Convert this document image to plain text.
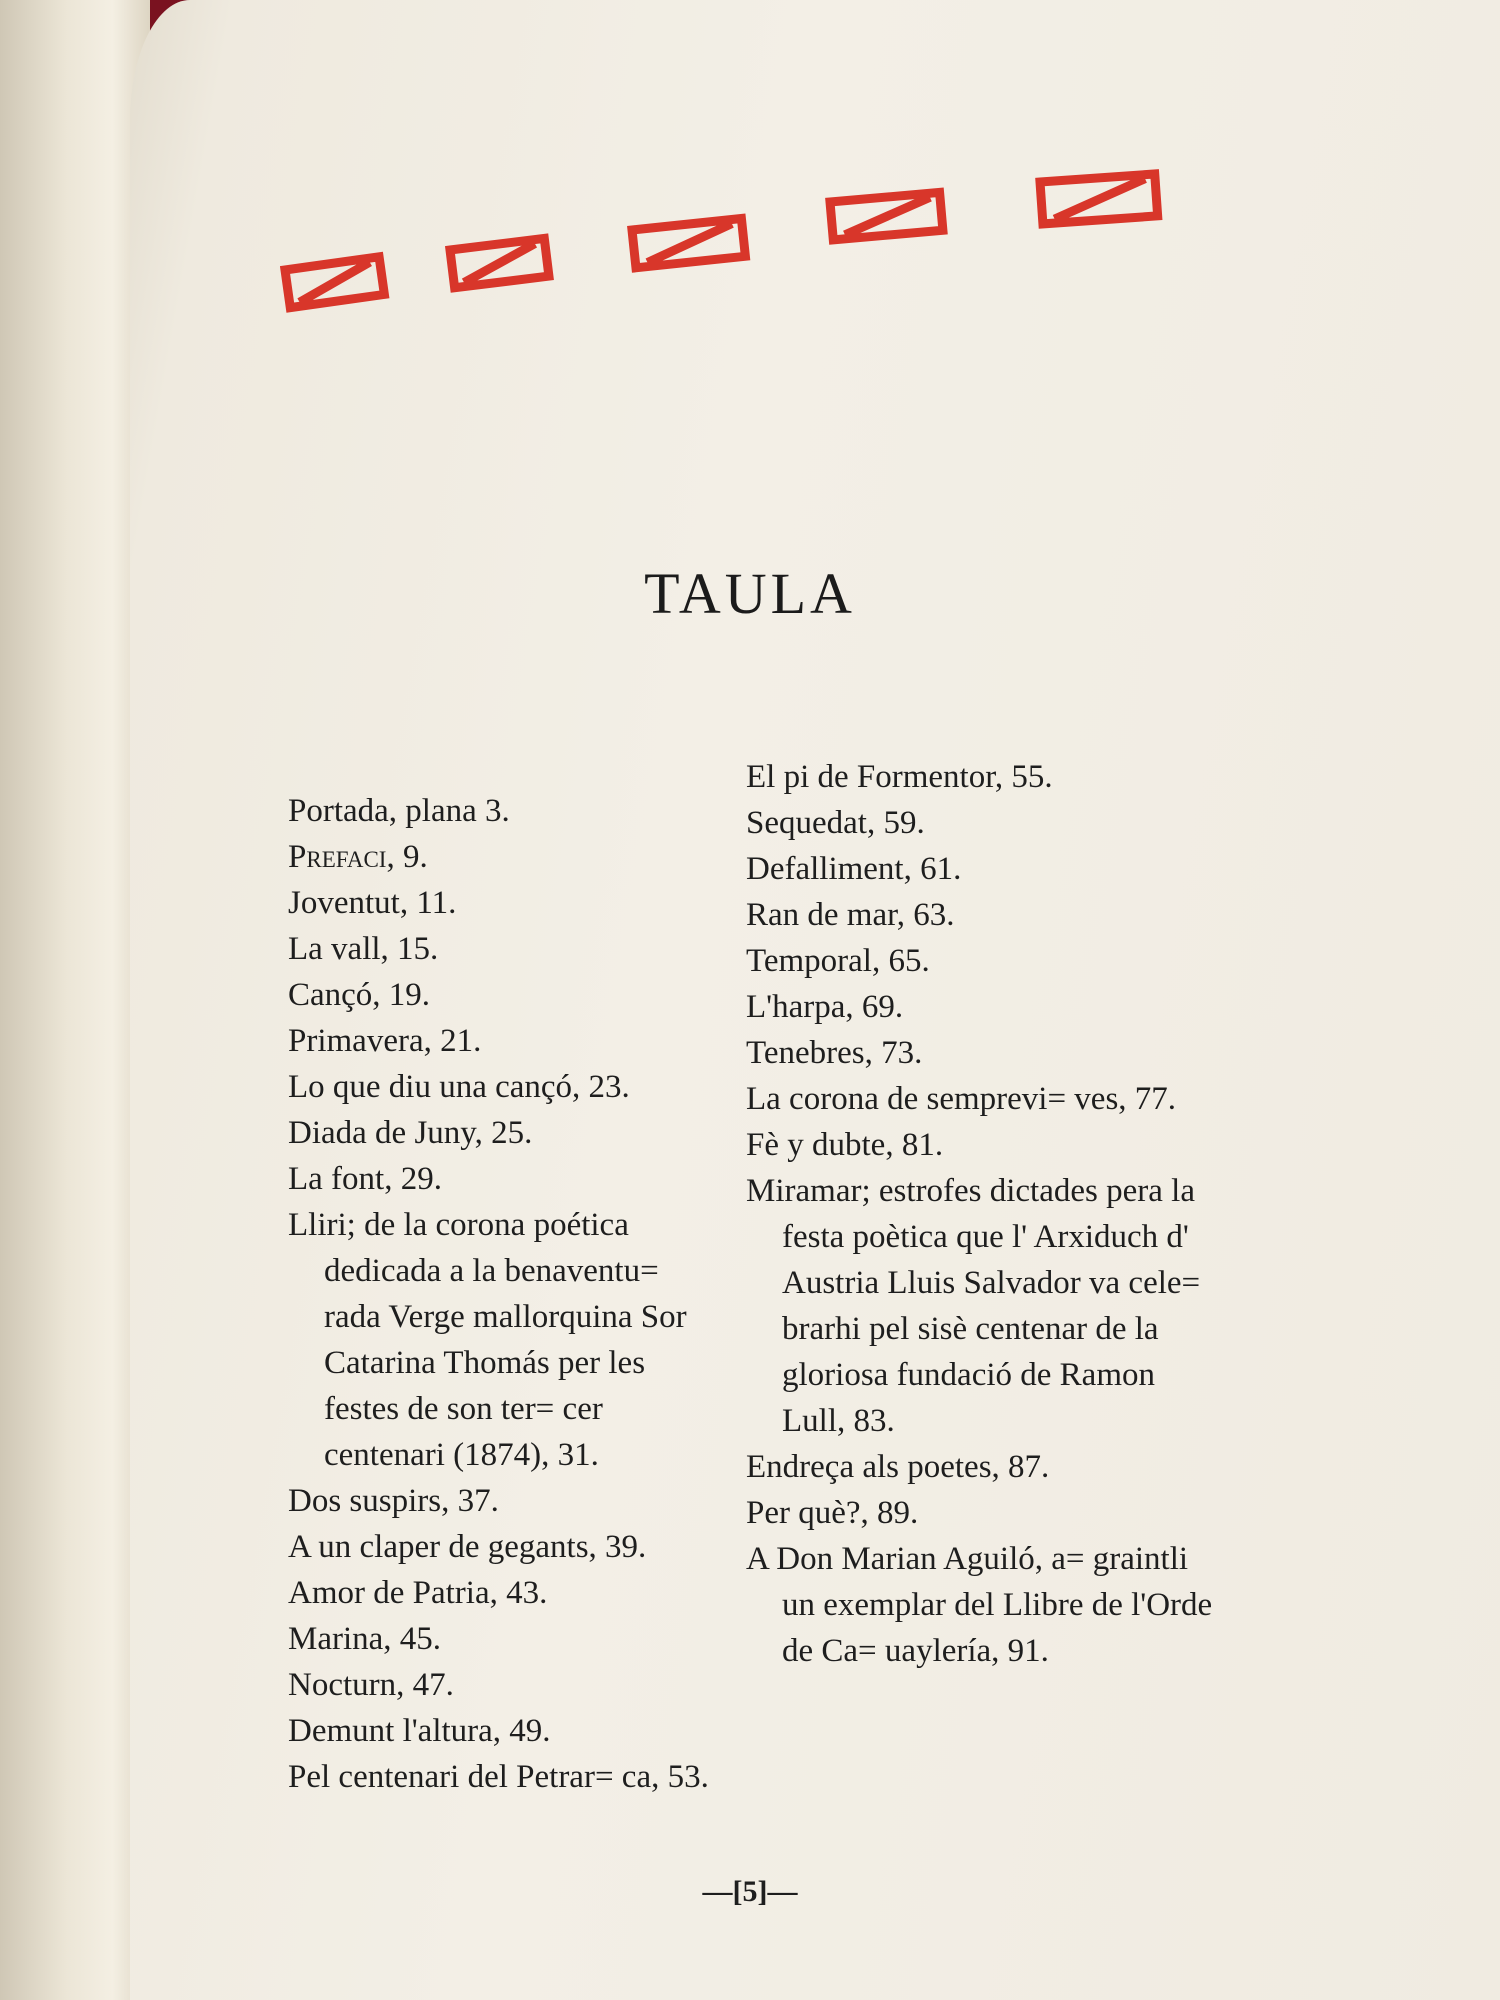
TAULA

Portada, plana 3.

Prefaci, 9.

Joventut, 11.

La vall, 15.

Cançó, 19.

Primavera, 21.

Lo que diu una cançó, 23.

Diada de Juny, 25.

La font, 29.

Lliri; de la corona poética dedicada a la benaventu= rada Verge mallorquina Sor Catarina Thomás per les festes de son ter= cer centenari (1874), 31.

Dos suspirs, 37.

A un claper de gegants, 39.

Amor de Patria, 43.

Marina, 45.

Nocturn, 47.

Demunt l'altura, 49.

Pel centenari del Petrar= ca, 53.

El pi de Formentor, 55.

Sequedat, 59.

Defalliment, 61.

Ran de mar, 63.

Temporal, 65.

L'harpa, 69.

Tenebres, 73.

La corona de semprevi= ves, 77.

Fè y dubte, 81.

Miramar; estrofes dictades pera la festa poètica que l' Arxiduch d' Austria Lluis Salvador va cele= brarhi pel sisè centenar de la gloriosa fundació de Ramon Lull, 83.

Endreça als poetes, 87.

Per què?, 89.

A Don Marian Aguiló, a= graintli un exemplar del Llibre de l'Orde de Ca= uaylería, 91.

—[5]—
